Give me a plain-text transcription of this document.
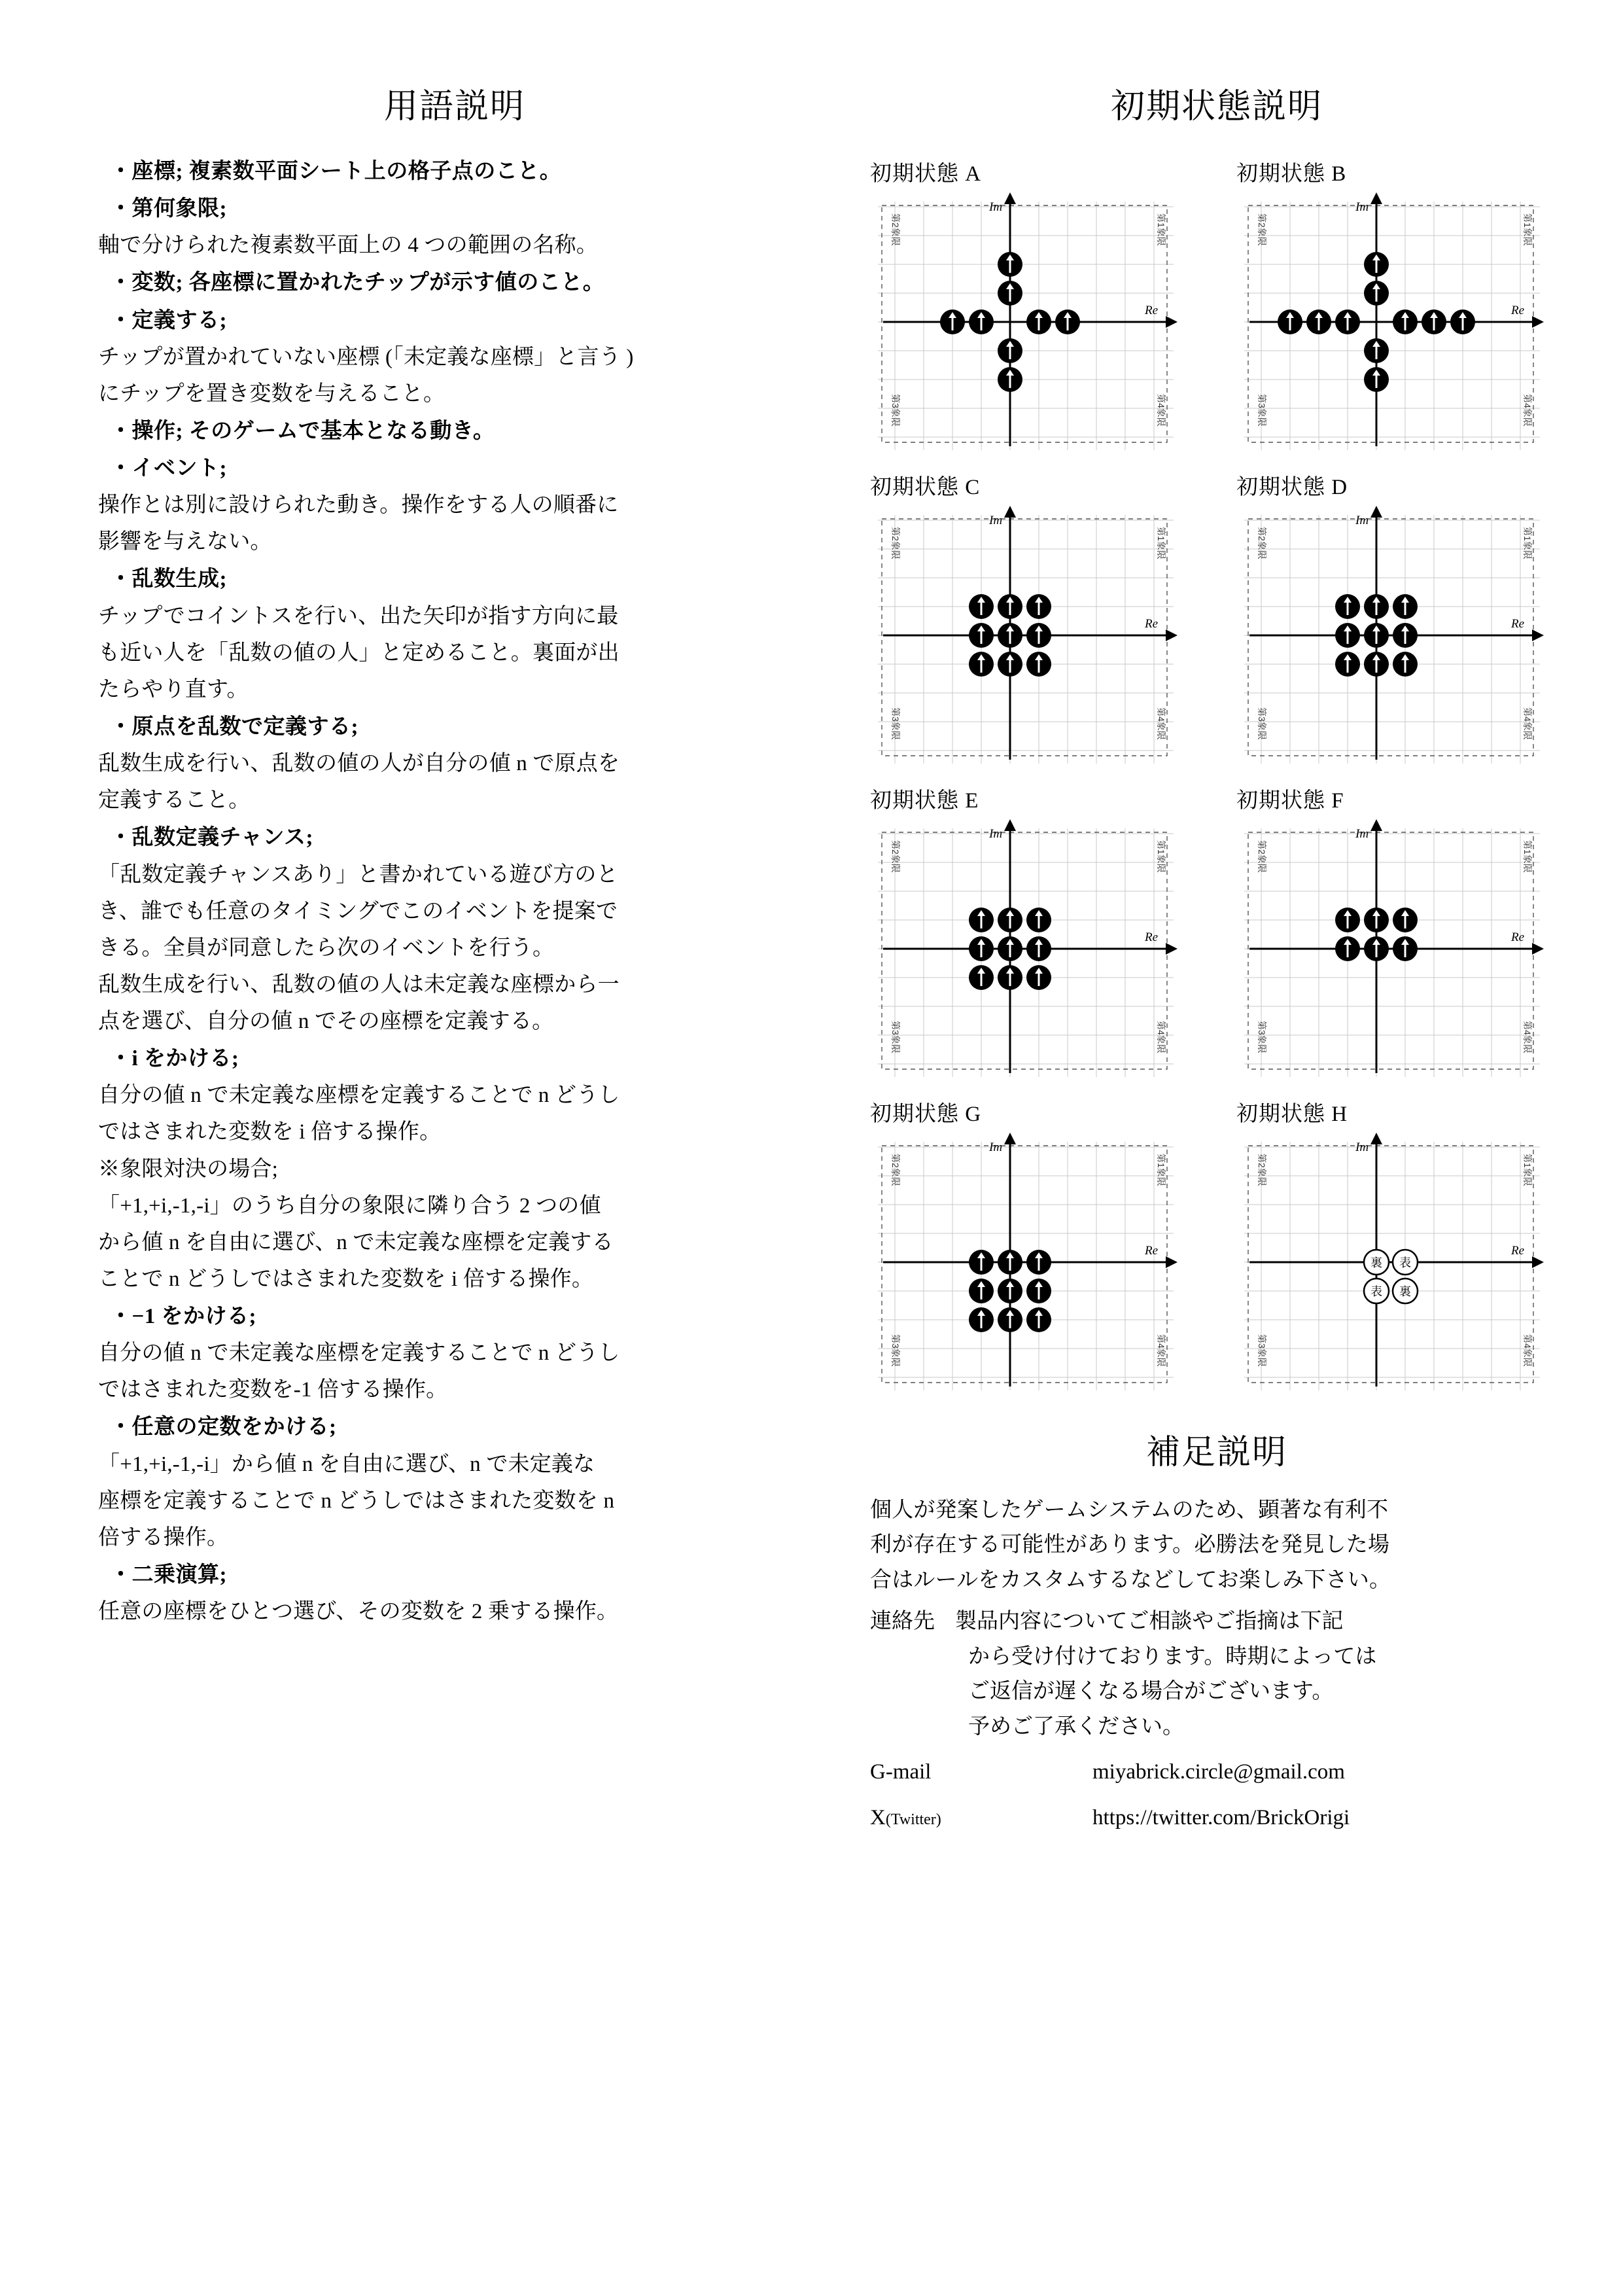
用語説明

・座標; 複素数平面シート上の格子点のこと。

・第何象限;

軸で分けられた複素数平面上の 4 つの範囲の名称。

・変数; 各座標に置かれたチップが示す値のこと。

・定義する;

チップが置かれていない座標 (「未定義な座標」と言う )

にチップを置き変数を与えること。

・操作; そのゲームで基本となる動き。

・イベント;

操作とは別に設けられた動き。操作をする人の順番に

影響を与えない。

・乱数生成;

チップでコイントスを行い、出た矢印が指す方向に最

も近い人を「乱数の値の人」と定めること。裏面が出

たらやり直す。

・原点を乱数で定義する;

乱数生成を行い、乱数の値の人が自分の値 n で原点を

定義すること。

・乱数定義チャンス;

「乱数定義チャンスあり」と書かれている遊び方のと

き、誰でも任意のタイミングでこのイベントを提案で

きる。全員が同意したら次のイベントを行う。

乱数生成を行い、乱数の値の人は未定義な座標から一

点を選び、自分の値 n でその座標を定義する。

・i をかける;

自分の値 n で未定義な座標を定義することで n どうし

ではさまれた変数を i 倍する操作。

※象限対決の場合;

「+1,+i,-1,-i」のうち自分の象限に隣り合う 2 つの値

から値 n を自由に選び、n で未定義な座標を定義する

ことで n どうしではさまれた変数を i 倍する操作。

・−1 をかける;

自分の値 n で未定義な座標を定義することで n どうし

ではさまれた変数を-1 倍する操作。

・任意の定数をかける;

「+1,+i,-1,-i」から値 n を自由に選び、n で未定義な

座標を定義することで n どうしではさまれた変数を n

倍する操作。

・二乗演算;

任意の座標をひとつ選び、その変数を 2 乗する操作。

初期状態説明
初期状態 A
Im
Re
第2象限	第1象限
第3象限	第4象限
初期状態 B
Im
Re
第2象限	第1象限
第3象限	第4象限
初期状態 C
Im
Re
第2象限	第1象限
第3象限	第4象限
初期状態 D
Im
Re
第2象限	第1象限
第3象限	第4象限
初期状態 E
Im
Re
第2象限	第1象限
第3象限	第4象限
初期状態 F
Im
Re
第2象限	第1象限
第3象限	第4象限
初期状態 G
Im
Re
第2象限	第1象限
第3象限	第4象限
初期状態 H
Im
Re
第2象限	第1象限
第3象限	第4象限
裏 表
表 裏
補足説明

個人が発案したゲームシステムのため、顕著な有利不

利が存在する可能性があります。必勝法を発見した場

合はルールをカスタムするなどしてお楽しみ下さい。

連絡先 製品内容についてご相談やご指摘は下記
から受け付けております。時期によっては
ご返信が遅くなる場合がございます。
予めご了承ください。
G-mail	miyabrick.circle@gmail.com
X(Twitter)	https://twitter.com/BrickOrigi
